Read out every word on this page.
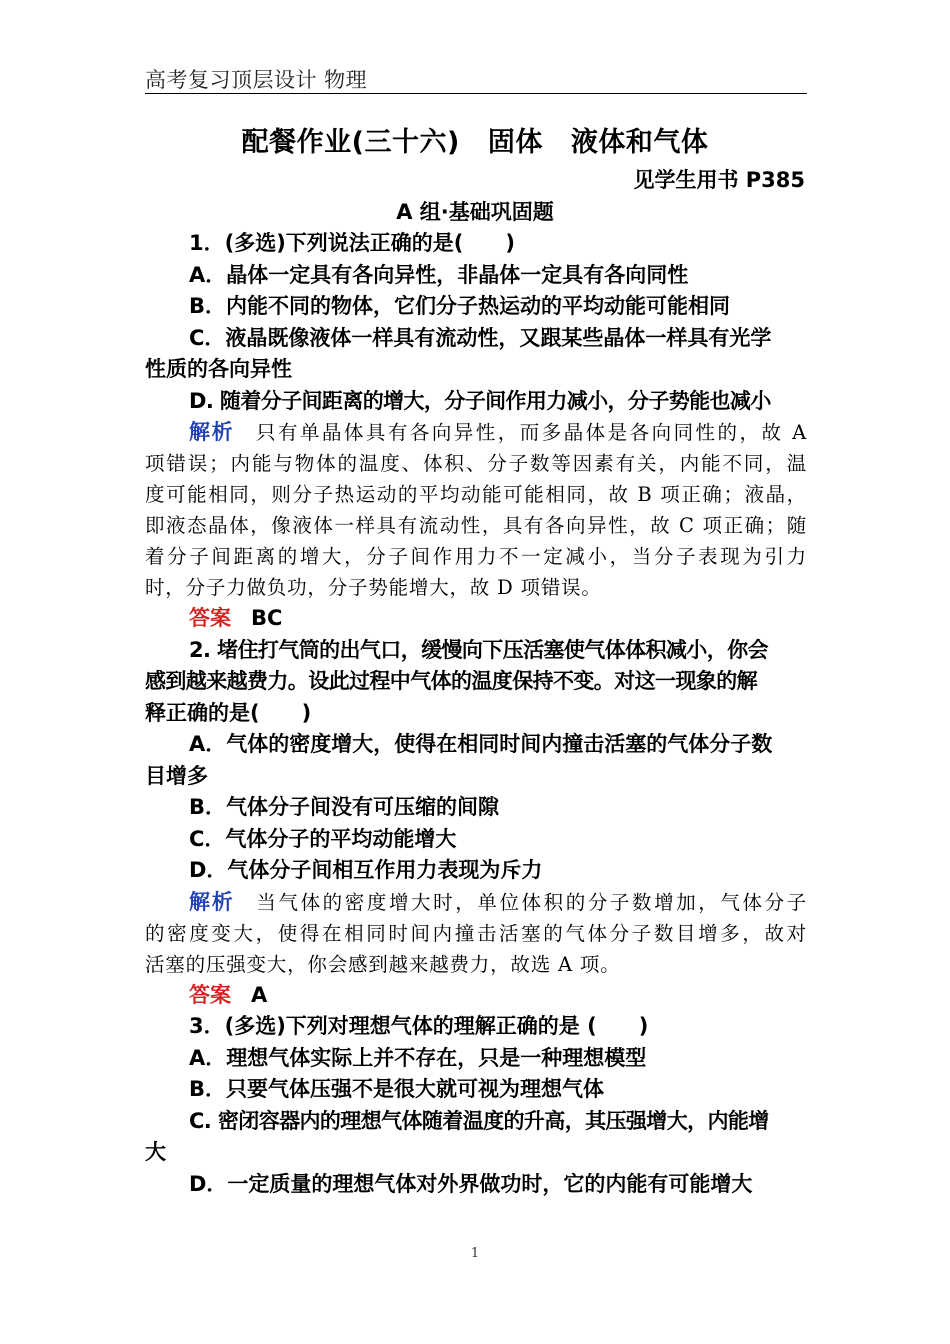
高考复习顶层设计 物理
配餐作业(三十六) 固体 液体和气体
见学生用书 P385
A 组·基础巩固题
1．(多选)下列说法正确的是(　　)
A．晶体一定具有各向异性，非晶体一定具有各向同性
B．内能不同的物体，它们分子热运动的平均动能可能相同
C．液晶既像液体一样具有流动性，又跟某些晶体一样具有光学
性质的各向异性
D. 随着分子间距离的增大，分子间作用力减小，分子势能也减小
解析 只有单晶体具有各向异性，而多晶体是各向同性的，故 A
项错误；内能与物体的温度、体积、分子数等因素有关，内能不同，温
度可能相同，则分子热运动的平均动能可能相同，故 B 项正确；液晶，
即液态晶体，像液体一样具有流动性，具有各向异性，故 C 项正确；随
着分子间距离的增大，分子间作用力不一定减小，当分子表现为引力
时，分子力做负功，分子势能增大，故 D 项错误。
答案 BC
2. 堵住打气筒的出气口，缓慢向下压活塞使气体体积减小，你会
感到越来越费力。设此过程中气体的温度保持不变。对这一现象的解
释正确的是(　　)
A．气体的密度增大，使得在相同时间内撞击活塞的气体分子数
目增多
B．气体分子间没有可压缩的间隙
C．气体分子的平均动能增大
D．气体分子间相互作用力表现为斥力
解析 当气体的密度增大时，单位体积的分子数增加，气体分子
的密度变大，使得在相同时间内撞击活塞的气体分子数目增多，故对
活塞的压强变大，你会感到越来越费力，故选 A 项。
答案 A
3．(多选)下列对理想气体的理解正确的是 (　　)
A．理想气体实际上并不存在，只是一种理想模型
B．只要气体压强不是很大就可视为理想气体
C. 密闭容器内的理想气体随着温度的升高，其压强增大，内能增
大
D．一定质量的理想气体对外界做功时，它的内能有可能增大
1
